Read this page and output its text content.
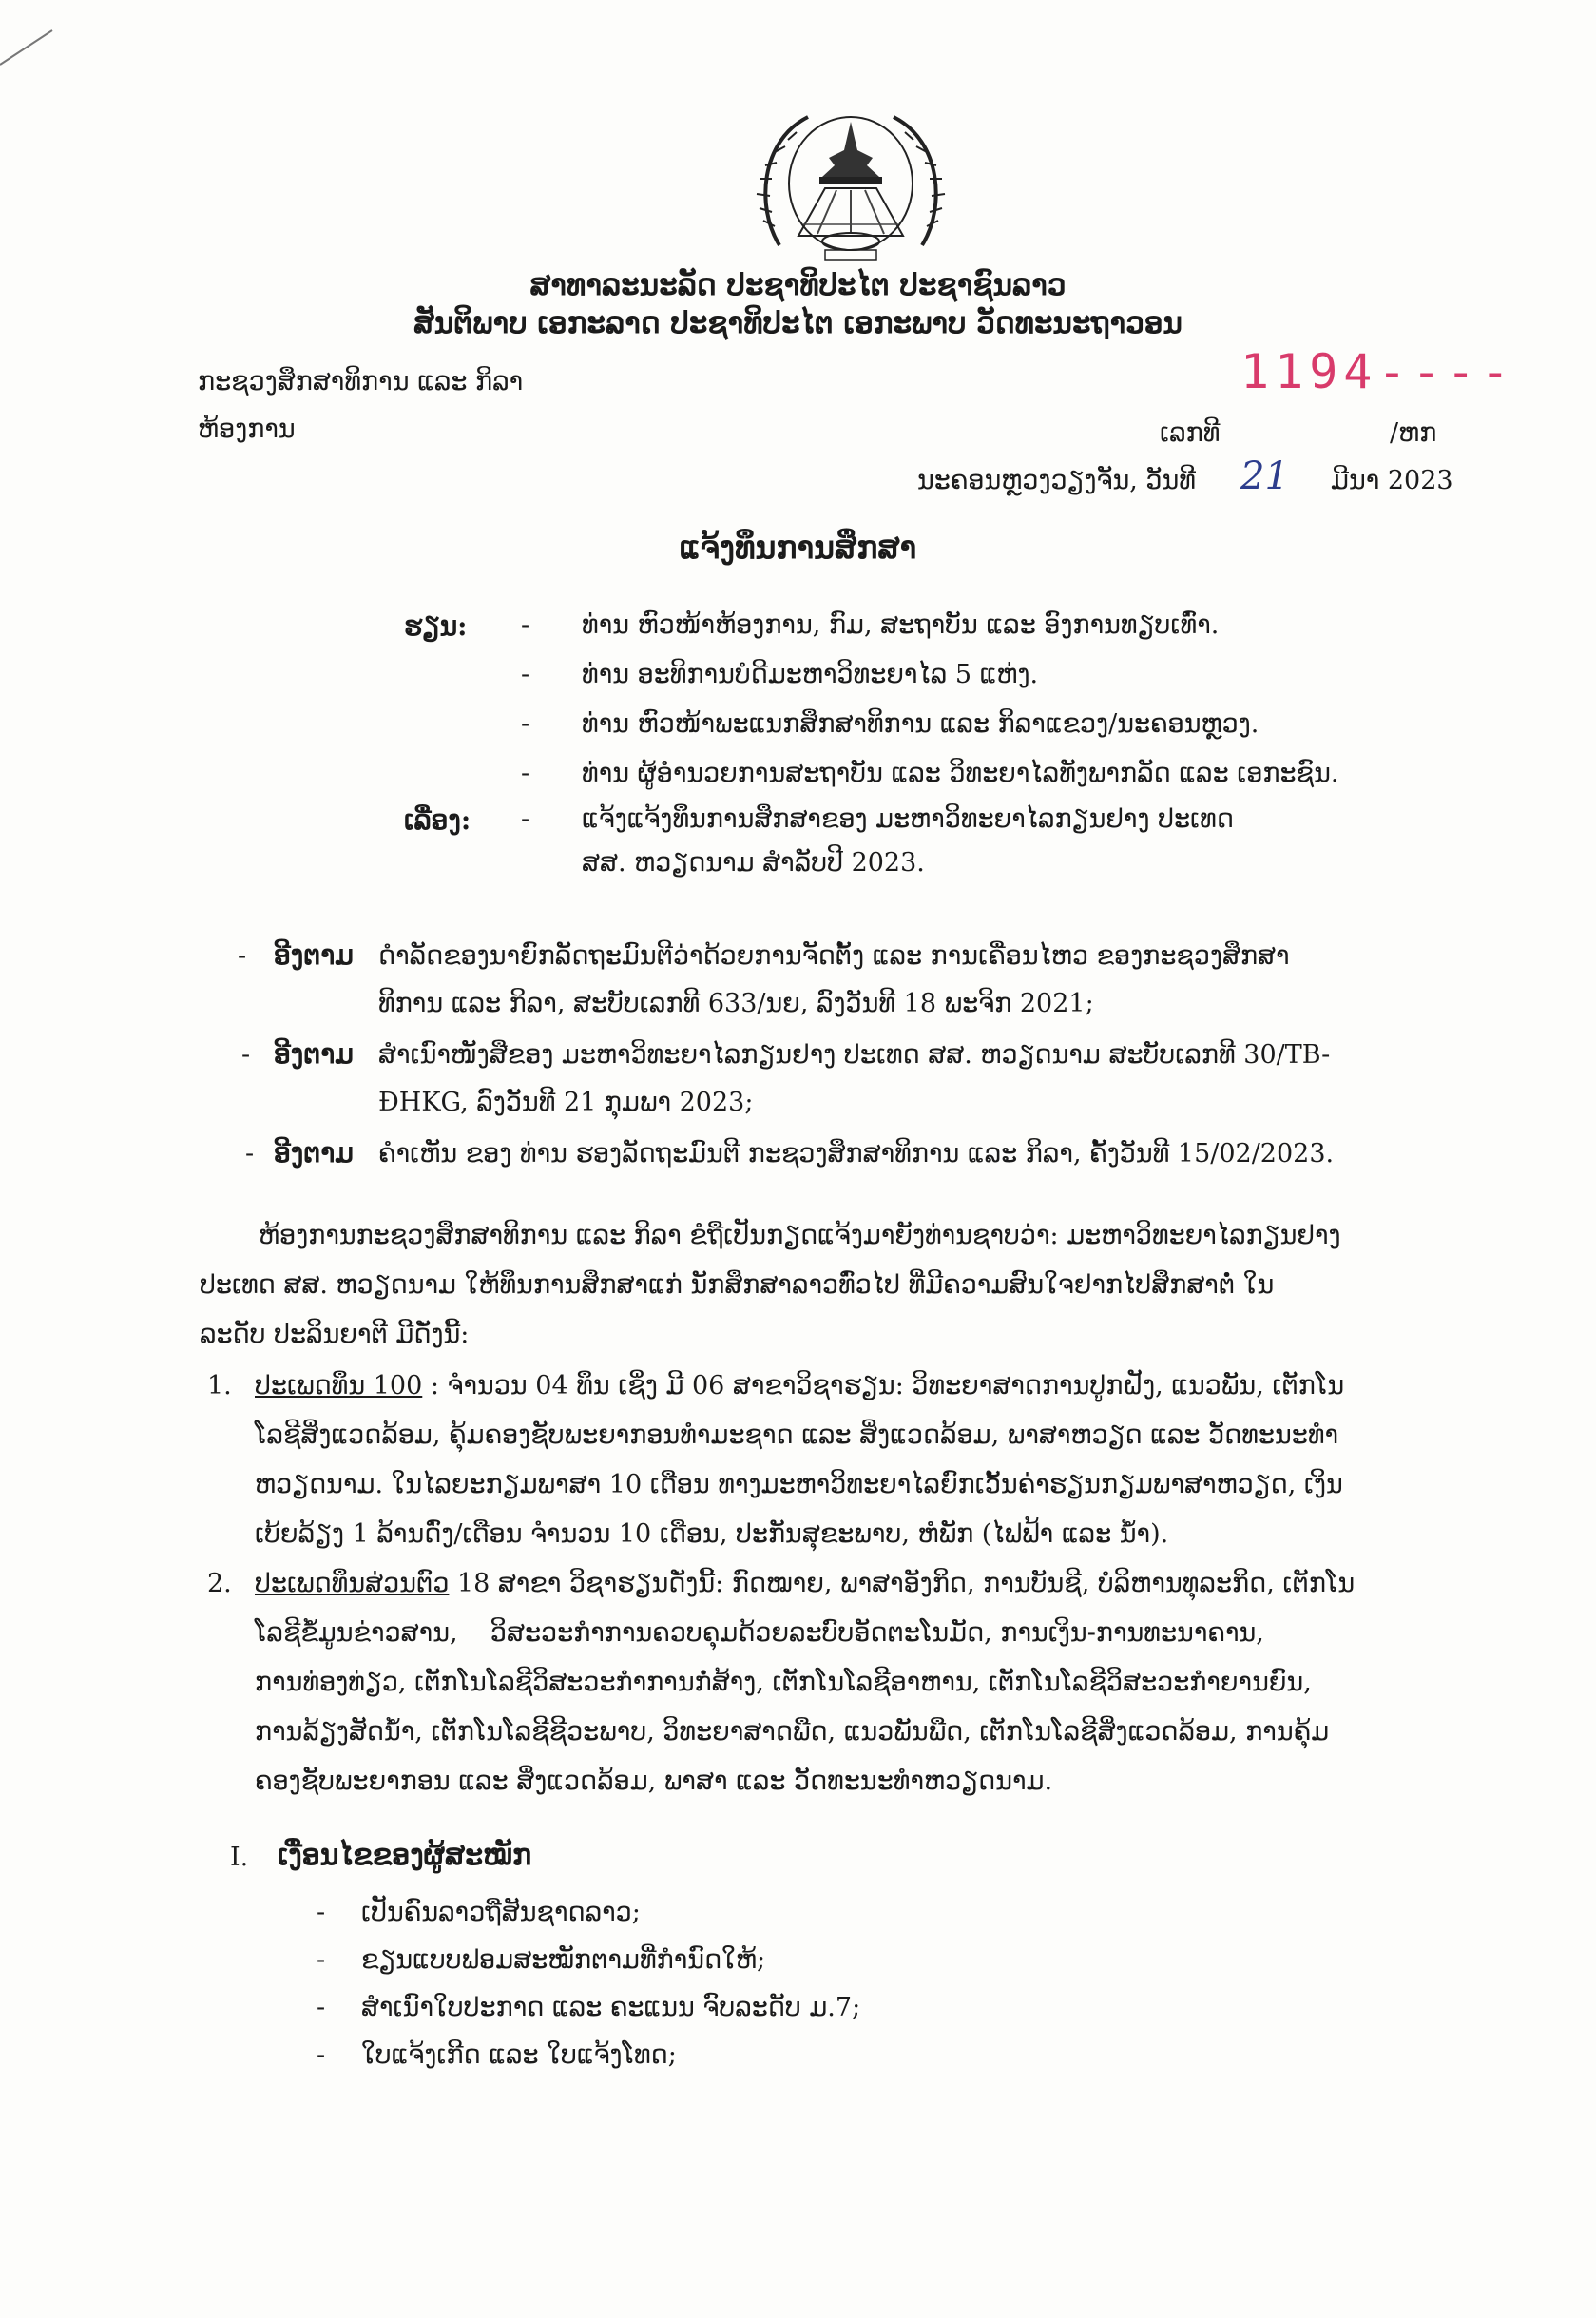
ສາທາລະນະລັດ ປະຊາທິປະໄຕ ປະຊາຊົນລາວ
ສັນຕິພາບ ເອກະລາດ ປະຊາທິປະໄຕ ເອກະພາບ ວັດທະນະຖາວອນ
ກະຊວງສຶກສາທິການ ແລະ ກິລາ
ຫ້ອງການ
1194----
ເລກທີ	/ຫກ
ນະຄອນຫຼວງວຽງຈັນ, ວັນທີ 21 ມີນາ 2023
ແຈ້ງທຶນການສຶກສາ
ຮຽນ: - ທ່ານ ຫົວໜ້າຫ້ອງການ, ກົມ, ສະຖາບັນ ແລະ ອົງການທຽບເທົ່າ.
- ທ່ານ ອະທິການບໍດີມະຫາວິທະຍາໄລ 5 ແຫ່ງ.
- ທ່ານ ຫົວໜ້າພະແນກສຶກສາທິການ ແລະ ກິລາແຂວງ/ນະຄອນຫຼວງ.
- ທ່ານ ຜູ້ອໍານວຍການສະຖາບັນ ແລະ ວິທະຍາໄລທັງພາກລັດ ແລະ ເອກະຊົນ.
ເລື່ອງ: - ແຈ້ງແຈ້ງທຶນການສຶກສາຂອງ ມະຫາວິທະຍາໄລກຽນຢາງ ປະເທດ
ສສ. ຫວຽດນາມ ສໍາລັບປີ 2023.
- ອີງຕາມ ດໍາລັດຂອງນາຍົກລັດຖະມົນຕີວ່າດ້ວຍການຈັດຕັ້ງ ແລະ ການເຄື່ອນໄຫວ ຂອງກະຊວງສຶກສາ
ທິການ ແລະ ກິລາ, ສະບັບເລກທີ 633/ນຍ, ລົງວັນທີ 18 ພະຈິກ 2021;
- ອີງຕາມ ສໍາເນົາໜັງສືຂອງ ມະຫາວິທະຍາໄລກຽນຢາງ ປະເທດ ສສ. ຫວຽດນາມ ສະບັບເລກທີ 30/TB-
ĐHKG, ລົງວັນທີ 21 ກຸມພາ 2023;
- ອີງຕາມ ຄໍາເຫັນ ຂອງ ທ່ານ ຮອງລັດຖະມົນຕີ ກະຊວງສຶກສາທິການ ແລະ ກິລາ, ຄັ້ງວັນທີ 15/02/2023.
ຫ້ອງການກະຊວງສຶກສາທິການ ແລະ ກິລາ ຂໍຖືເປັນກຽດແຈ້ງມາຍັງທ່ານຊາບວ່າ: ມະຫາວິທະຍາໄລກຽນຢາງ
ປະເທດ ສສ. ຫວຽດນາມ ໃຫ້ທຶນການສຶກສາແກ່ ນັກສຶກສາລາວທົ່ວໄປ ທີ່ມີຄວາມສົນໃຈຢາກໄປສຶກສາຕໍ່ ໃນ
ລະດັບ ປະລິນຍາຕີ ມີດັ່ງນີ້:
1. ປະເພດທຶນ 100 : ຈໍານວນ 04 ທຶນ ເຊິ່ງ ມີ 06 ສາຂາວິຊາຮຽນ: ວິທະຍາສາດການປູກຝັງ, ແນວພັນ, ເຕັກໂນ
ໂລຊີສິ່ງແວດລ້ອມ, ຄຸ້ມຄອງຊັບພະຍາກອນທໍາມະຊາດ ແລະ ສິ່ງແວດລ້ອມ, ພາສາຫວຽດ ແລະ ວັດທະນະທໍາ
ຫວຽດນາມ. ໃນໄລຍະກຽມພາສາ 10 ເດືອນ ທາງມະຫາວິທະຍາໄລຍົກເວັ້ນຄ່າຮຽນກຽມພາສາຫວຽດ, ເງິນ
ເບ້ຍລ້ຽງ 1 ລ້ານດົ່ງ/ເດືອນ ຈໍານວນ 10 ເດືອນ, ປະກັນສຸຂະພາບ, ຫໍພັກ (ໄຟຟ້າ ແລະ ນໍ້າ).
2. ປະເພດທຶນສ່ວນຕົວ 18 ສາຂາ ວິຊາຮຽນດັ່ງນີ້: ກົດໝາຍ, ພາສາອັງກິດ, ການບັນຊີ, ບໍລິຫານທຸລະກິດ, ເຕັກໂນ
ໂລຊີຂໍ້ມູນຂ່າວສານ,    ວິສະວະກໍາການຄວບຄຸມດ້ວຍລະບົບອັດຕະໂນມັດ, ການເງິນ-ການທະນາຄານ,
ການທ່ອງທ່ຽວ, ເຕັກໂນໂລຊີວິສະວະກໍາການກໍ່ສ້າງ, ເຕັກໂນໂລຊີອາຫານ, ເຕັກໂນໂລຊີວິສະວະກໍາຍານຍົນ,
ການລ້ຽງສັດນໍ້າ, ເຕັກໂນໂລຊີຊີວະພາບ, ວິທະຍາສາດພືດ, ແນວພັນພືດ, ເຕັກໂນໂລຊີສິ່ງແວດລ້ອມ, ການຄຸ້ມ
ຄອງຊັບພະຍາກອນ ແລະ ສິ່ງແວດລ້ອມ, ພາສາ ແລະ ວັດທະນະທໍາຫວຽດນາມ.
I. ເງື່ອນໄຂຂອງຜູ້ສະໝັກ
- ເປັນຄົນລາວຖືສັນຊາດລາວ;
- ຂຽນແບບຟອມສະໝັກຕາມທີ່ກໍານົດໃຫ້;
- ສໍາເນົາໃບປະກາດ ແລະ ຄະແນນ ຈົບລະດັບ ມ.7;
- ໃບແຈ້ງເກີດ ແລະ ໃບແຈ້ງໂທດ;
